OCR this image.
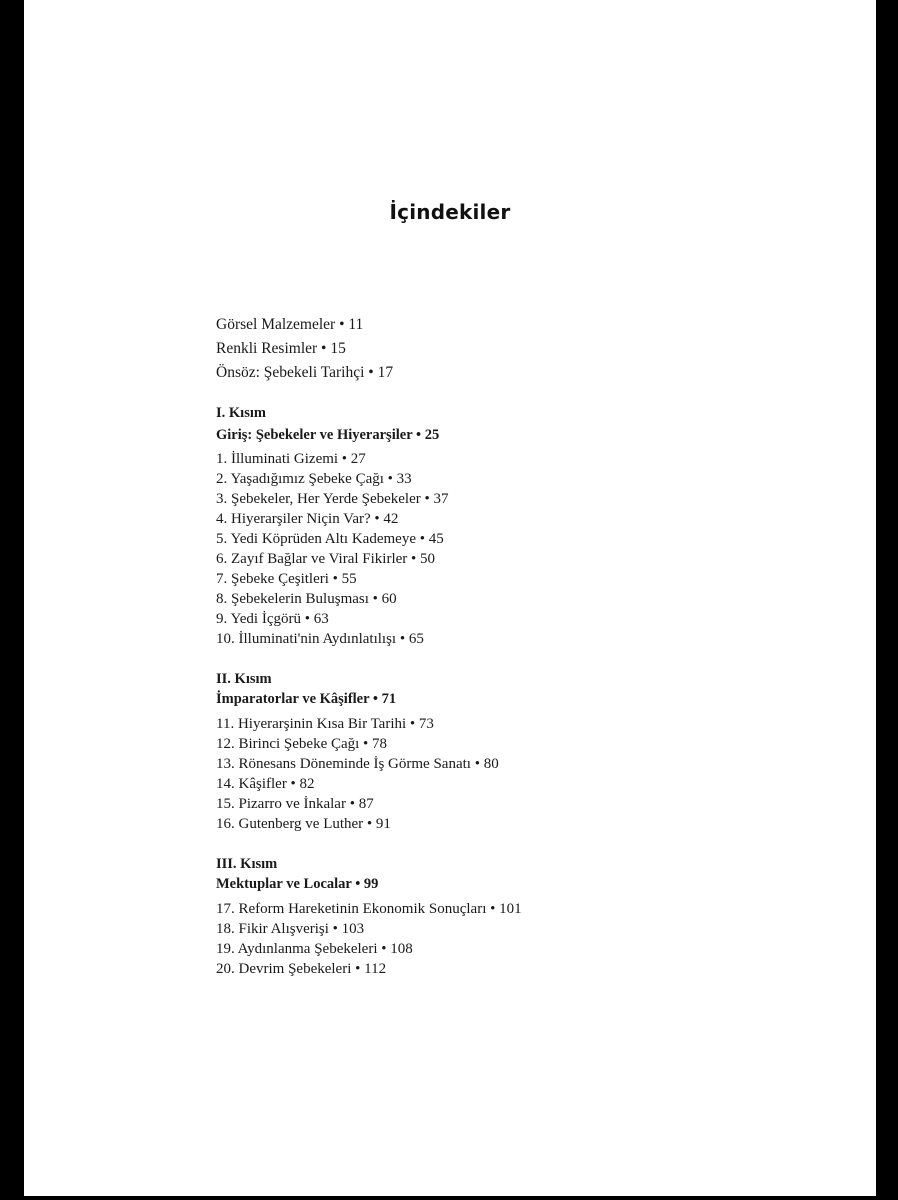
İçindekiler
Görsel Malzemeler • 11
Renkli Resimler • 15
Önsöz: Şebekeli Tarihçi • 17
I. Kısım
Giriş: Şebekeler ve Hiyerarşiler • 25
1. İlluminati Gizemi • 27
2. Yaşadığımız Şebeke Çağı • 33
3. Şebekeler, Her Yerde Şebekeler • 37
4. Hiyerarşiler Niçin Var? • 42
5. Yedi Köprüden Altı Kademeye • 45
6. Zayıf Bağlar ve Viral Fikirler • 50
7. Şebeke Çeşitleri • 55
8. Şebekelerin Buluşması • 60
9. Yedi İçgörü • 63
10. İlluminati'nin Aydınlatılışı • 65
II. Kısım
İmparatorlar ve Kâşifler • 71
11. Hiyerarşinin Kısa Bir Tarihi • 73
12. Birinci Şebeke Çağı • 78
13. Rönesans Döneminde İş Görme Sanatı • 80
14. Kâşifler • 82
15. Pizarro ve İnkalar • 87
16. Gutenberg ve Luther • 91
III. Kısım
Mektuplar ve Localar • 99
17. Reform Hareketinin Ekonomik Sonuçları • 101
18. Fikir Alışverişi • 103
19. Aydınlanma Şebekeleri • 108
20. Devrim Şebekeleri • 112
